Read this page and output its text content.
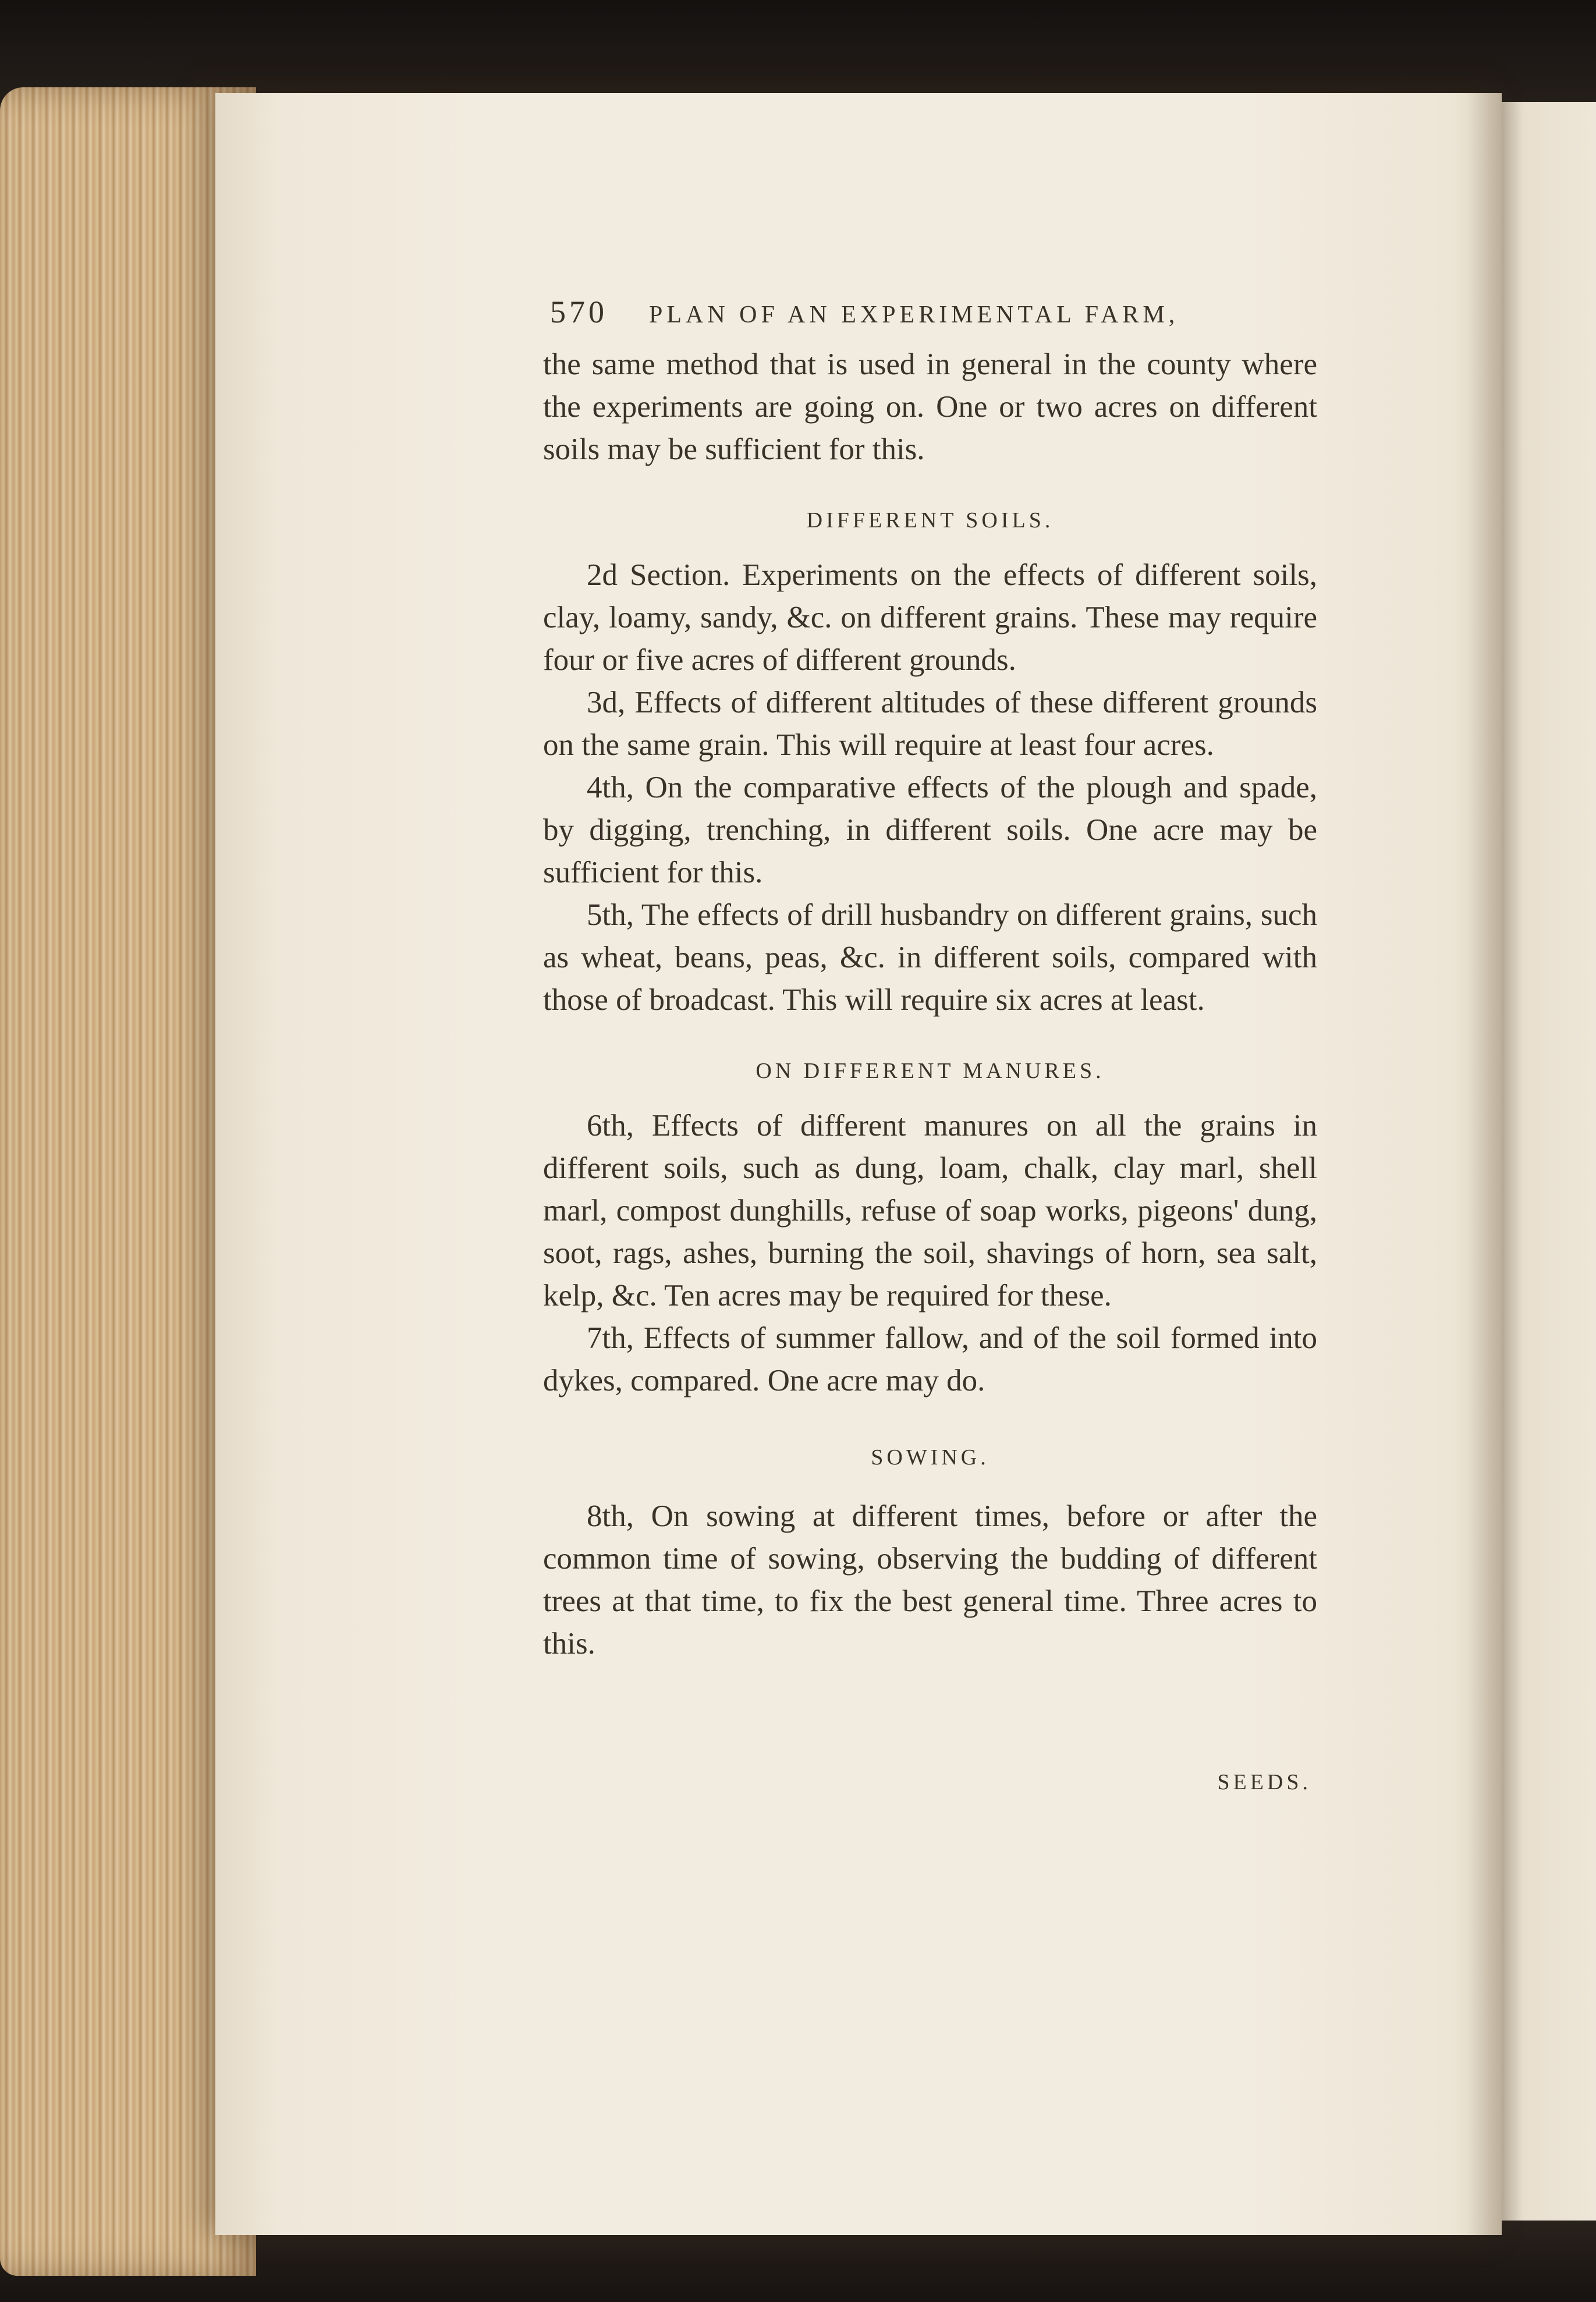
570	PLAN OF AN EXPERIMENTAL FARM,

the same method that is used in general in the county where the experiments are going on. One or two acres on different soils may be sufficient for this.

DIFFERENT SOILS.

2d Section. Experiments on the effects of different soils, clay, loamy, sandy, &c. on different grains. These may require four or five acres of different grounds.

3d, Effects of different altitudes of these different grounds on the same grain. This will require at least four acres.

4th, On the comparative effects of the plough and spade, by digging, trenching, in different soils. One acre may be sufficient for this.

5th, The effects of drill husbandry on different grains, such as wheat, beans, peas, &c. in different soils, compared with those of broadcast. This will require six acres at least.

ON DIFFERENT MANURES.

6th, Effects of different manures on all the grains in different soils, such as dung, loam, chalk, clay marl, shell marl, compost dunghills, refuse of soap works, pigeons' dung, soot, rags, ashes, burning the soil, shavings of horn, sea salt, kelp, &c. Ten acres may be required for these.

7th, Effects of summer fallow, and of the soil formed into dykes, compared. One acre may do.

SOWING.

8th, On sowing at different times, before or after the common time of sowing, observing the budding of different trees at that time, to fix the best general time. Three acres to this.

SEEDS.
